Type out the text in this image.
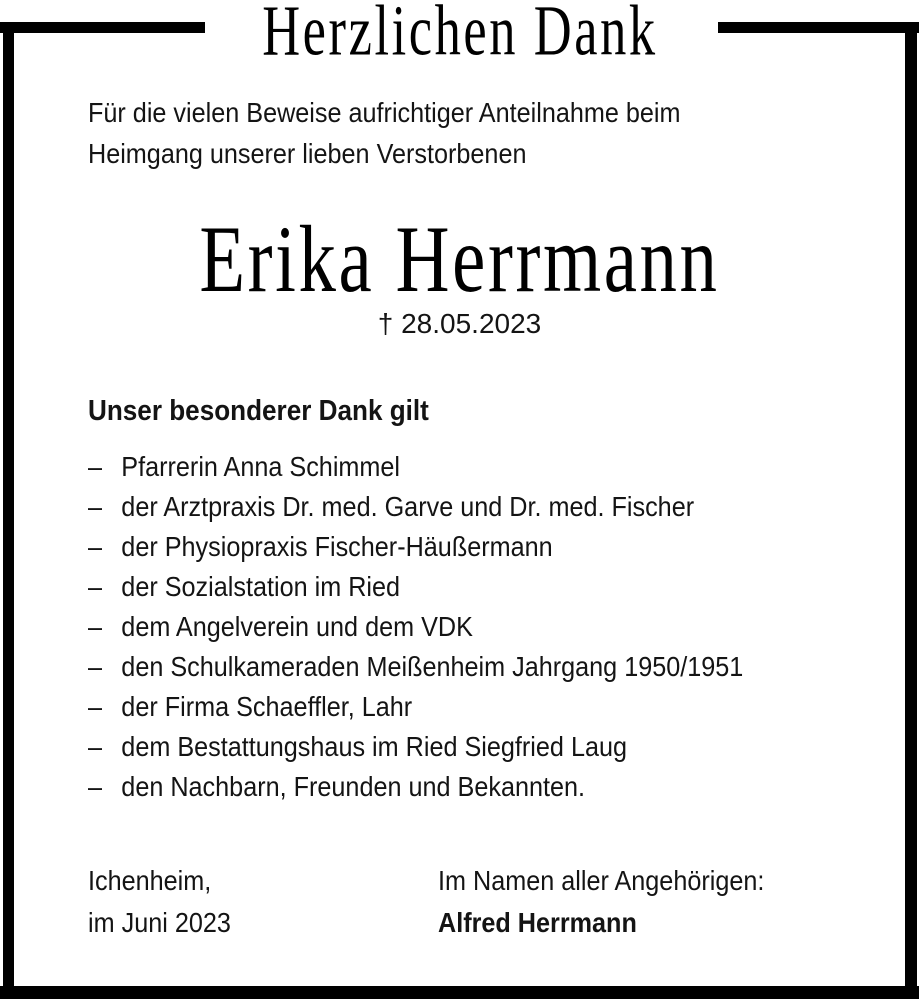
Herzlichen Dank
Für die vielen Beweise aufrichtiger Anteilnahme beim
Heimgang unserer lieben Verstorbenen
Erika Herrmann
† 28.05.2023
Unser besonderer Dank gilt
– Pfarrerin Anna Schimmel
– der Arztpraxis Dr. med. Garve und Dr. med. Fischer
– der Physiopraxis Fischer-Häußermann
– der Sozialstation im Ried
– dem Angelverein und dem VDK
– den Schulkameraden Meißenheim Jahrgang 1950/1951
– der Firma Schaeffler, Lahr
– dem Bestattungshaus im Ried Siegfried Laug
– den Nachbarn, Freunden und Bekannten.
Ichenheim,
im Juni 2023
Im Namen aller Angehörigen:
Alfred Herrmann
